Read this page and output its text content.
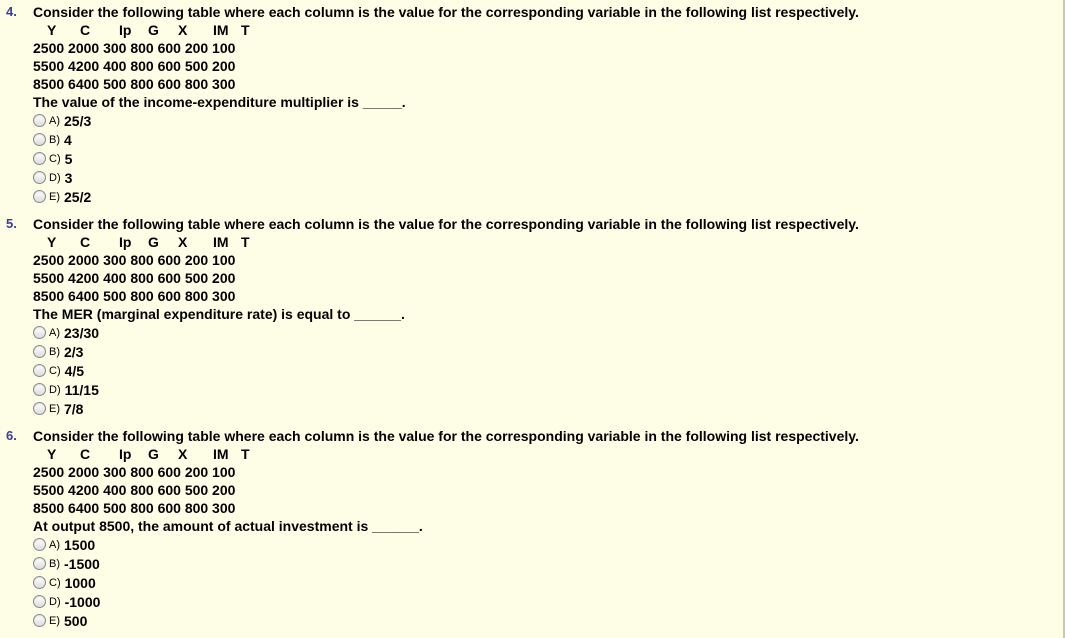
4. Consider the following table where each column is the value for the corresponding variable in the following list respectively.
Y C Ip G X IM T
2500 2000 300 800 600 200 100
5500 4200 400 800 600 500 200
8500 6400 500 800 600 800 300
The value of the income-expenditure multiplier is _____.
A) 25/3
B) 4
C) 5
D) 3
E) 25/2
5. Consider the following table where each column is the value for the corresponding variable in the following list respectively.
Y C Ip G X IM T
2500 2000 300 800 600 200 100
5500 4200 400 800 600 500 200
8500 6400 500 800 600 800 300
The MER (marginal expenditure rate) is equal to ______.
A) 23/30
B) 2/3
C) 4/5
D) 11/15
E) 7/8
6. Consider the following table where each column is the value for the corresponding variable in the following list respectively.
Y C Ip G X IM T
2500 2000 300 800 600 200 100
5500 4200 400 800 600 500 200
8500 6400 500 800 600 800 300
At output 8500, the amount of actual investment is ______.
A) 1500
B) -1500
C) 1000
D) -1000
E) 500
